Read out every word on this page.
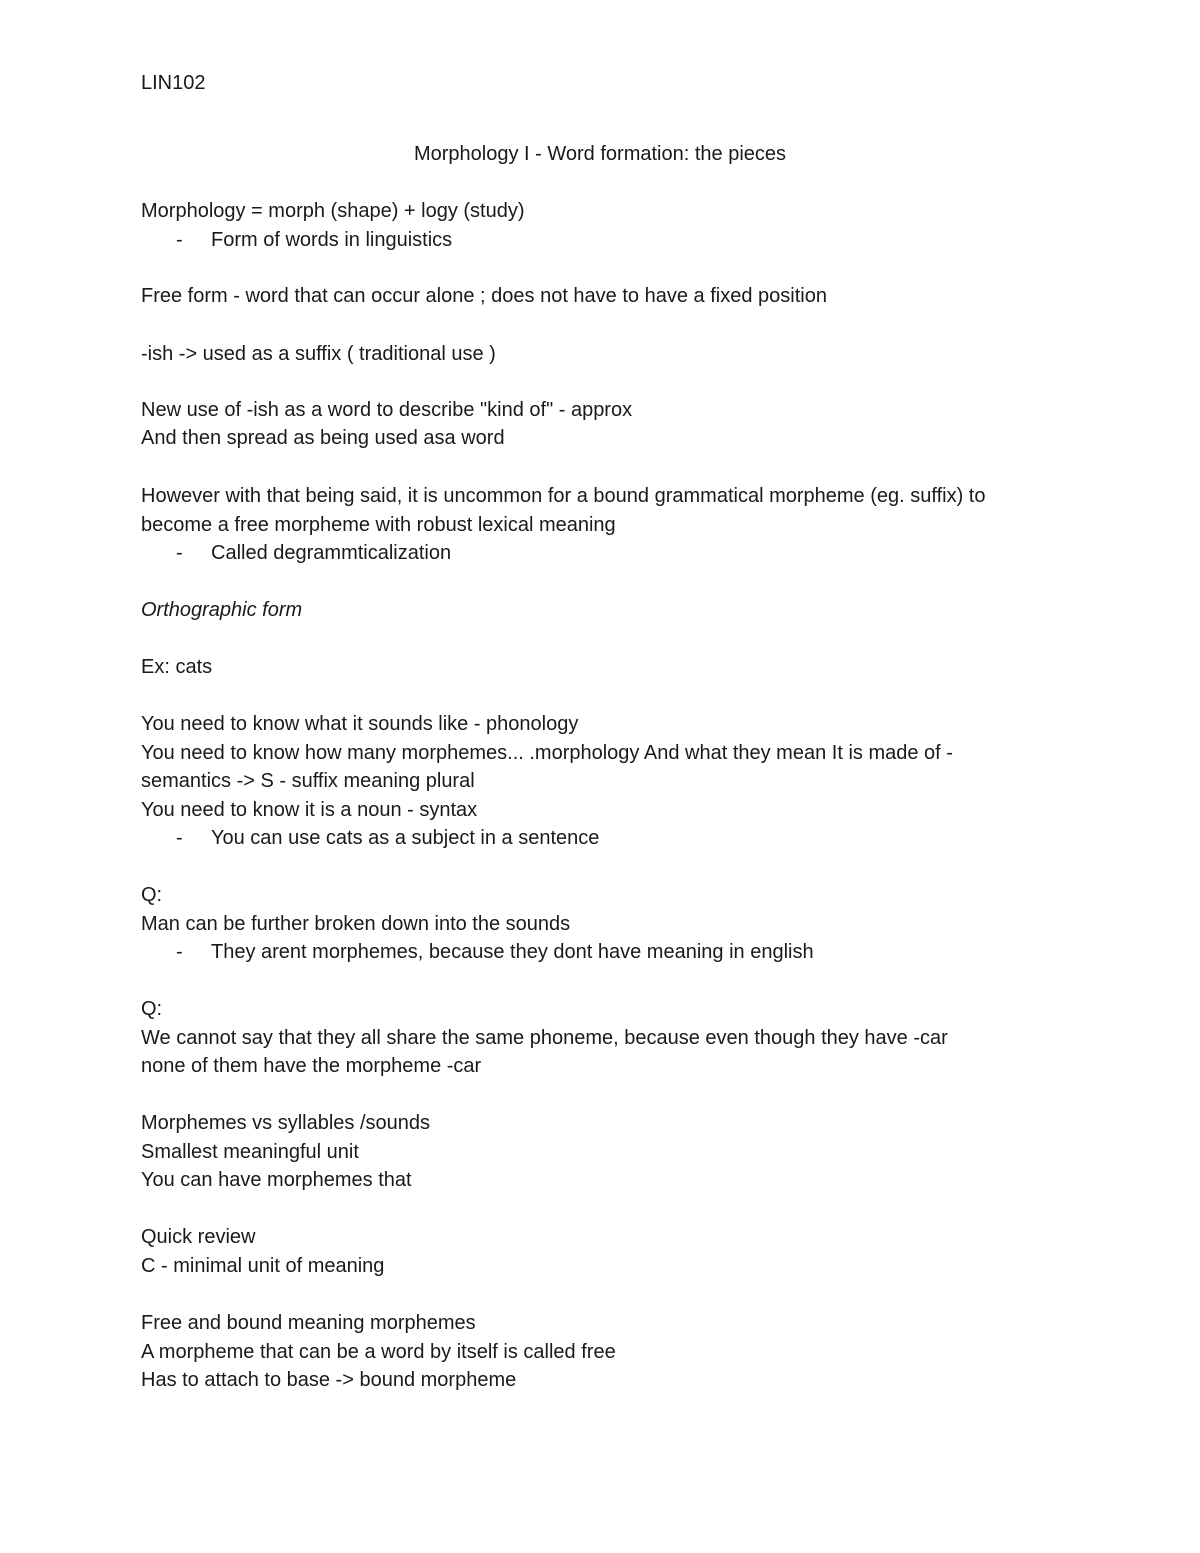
LIN102
Morphology I - Word formation: the pieces
Morphology = morph (shape) + logy (study)
- Form of words in linguistics
Free form - word that can occur alone ; does not have to have a fixed position
-ish -> used as a suffix ( traditional use )
New use of -ish as a word to describe "kind of" - approx
And then spread as being used asa word
However with that being said, it is uncommon for a bound grammatical morpheme (eg. suffix) to
become a free morpheme with robust lexical meaning
- Called degrammticalization
Orthographic form
Ex: cats
You need to know what it sounds like - phonology
You need to know how many morphemes... .morphology And what they mean It is made of -
semantics -> S - suffix meaning plural
You need to know it is a noun - syntax
- You can use cats as a subject in a sentence
Q:
Man can be further broken down into the sounds
- They arent morphemes, because they dont have meaning in english
Q:
We cannot say that they all share the same phoneme, because even though they have -car
none of them have the morpheme -car
Morphemes vs syllables /sounds
Smallest meaningful unit
You can have morphemes that
Quick review
C - minimal unit of meaning
Free and bound meaning morphemes
A morpheme that can be a word by itself is called free
Has to attach to base -> bound morpheme
